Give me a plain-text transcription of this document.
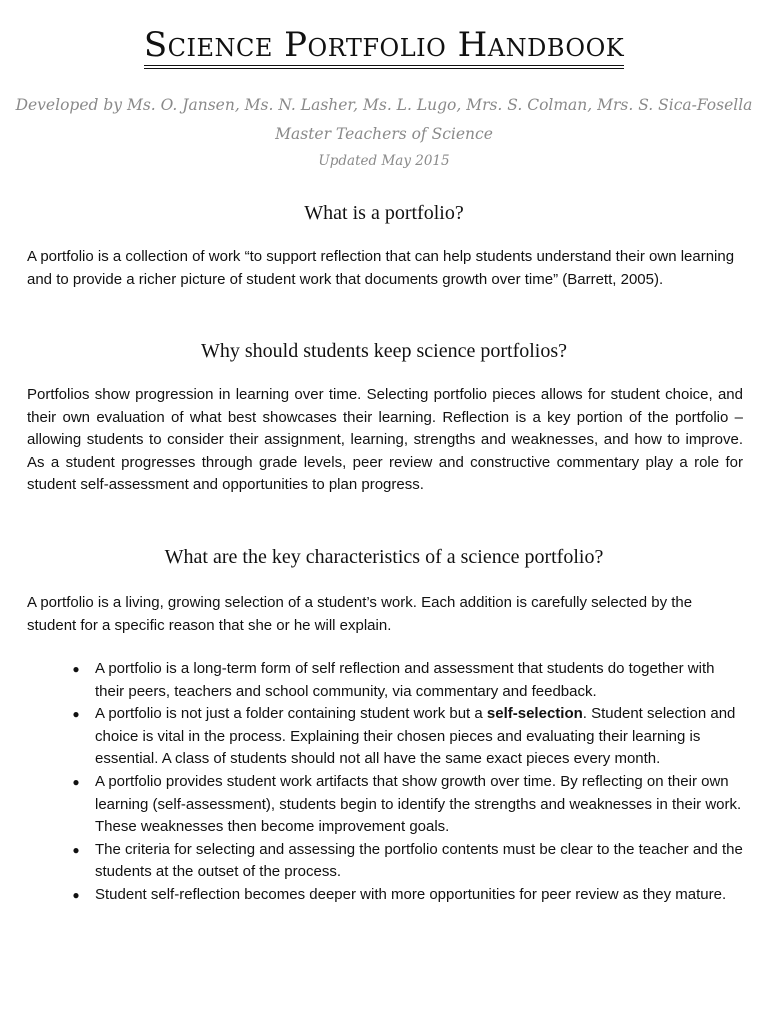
Science Portfolio Handbook

Developed by Ms. O. Jansen, Ms. N. Lasher, Ms. L. Lugo, Mrs. S. Colman, Mrs. S. Sica-Fosella

Master Teachers of Science

Updated May 2015

What is a portfolio?

A portfolio is a collection of work “to support reflection that can help students understand their own learning and to provide a richer picture of student work that documents growth over time” (Barrett, 2005).

Why should students keep science portfolios?

Portfolios show progression in learning over time. Selecting portfolio pieces allows for student choice, and their own evaluation of what best showcases their learning. Reflection is a key portion of the portfolio – allowing students to consider their assignment, learning, strengths and weaknesses, and how to improve. As a student progresses through grade levels, peer review and constructive commentary play a role for student self-assessment and opportunities to plan progress.

What are the key characteristics of a science portfolio?

A portfolio is a living, growing selection of a student’s work. Each addition is carefully selected by the student for a specific reason that she or he will explain.

● A portfolio is a long-term form of self reflection and assessment that students do together with their peers, teachers and school community, via commentary and feedback.
● A portfolio is not just a folder containing student work but a self-selection. Student selection and choice is vital in the process. Explaining their chosen pieces and evaluating their learning is essential. A class of students should not all have the same exact pieces every month.
● A portfolio provides student work artifacts that show growth over time. By reflecting on their own learning (self-assessment), students begin to identify the strengths and weaknesses in their work. These weaknesses then become improvement goals.
● The criteria for selecting and assessing the portfolio contents must be clear to the teacher and the students at the outset of the process.
● Student self-reflection becomes deeper with more opportunities for peer review as they mature.
